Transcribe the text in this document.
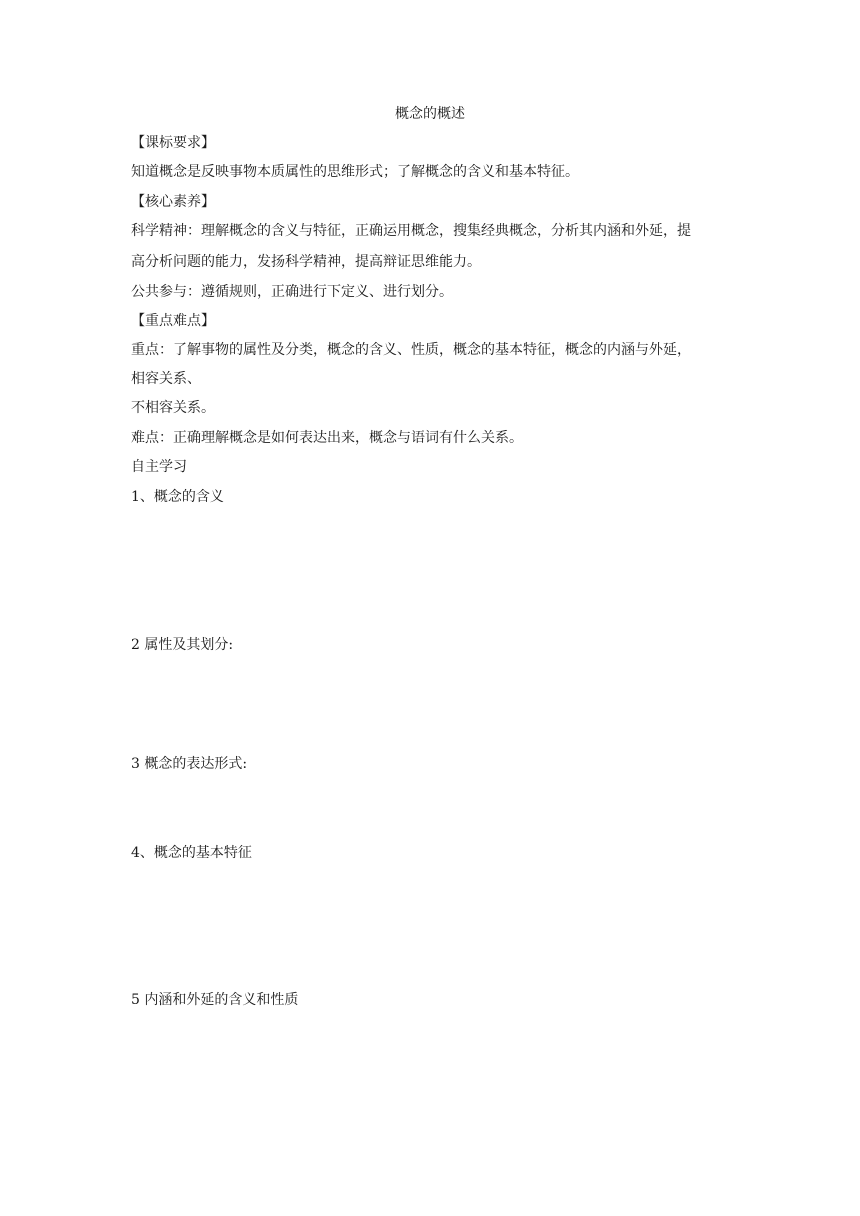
概念的概述
【课标要求】
知道概念是反映事物本质属性的思维形式；了解概念的含义和基本特征。
【核心素养】
科学精神：理解概念的含义与特征，正确运用概念，搜集经典概念，分析其内涵和外延，提
高分析问题的能力，发扬科学精神，提高辩证思维能力。
公共参与：遵循规则，正确进行下定义、进行划分。
【重点难点】
重点：了解事物的属性及分类，概念的含义、性质，概念的基本特征，概念的内涵与外延，
相容关系、
不相容关系。
难点：正确理解概念是如何表达出来，概念与语词有什么关系。
自主学习
1、概念的含义
2 属性及其划分:
3 概念的表达形式:
4、概念的基本特征
5 内涵和外延的含义和性质
